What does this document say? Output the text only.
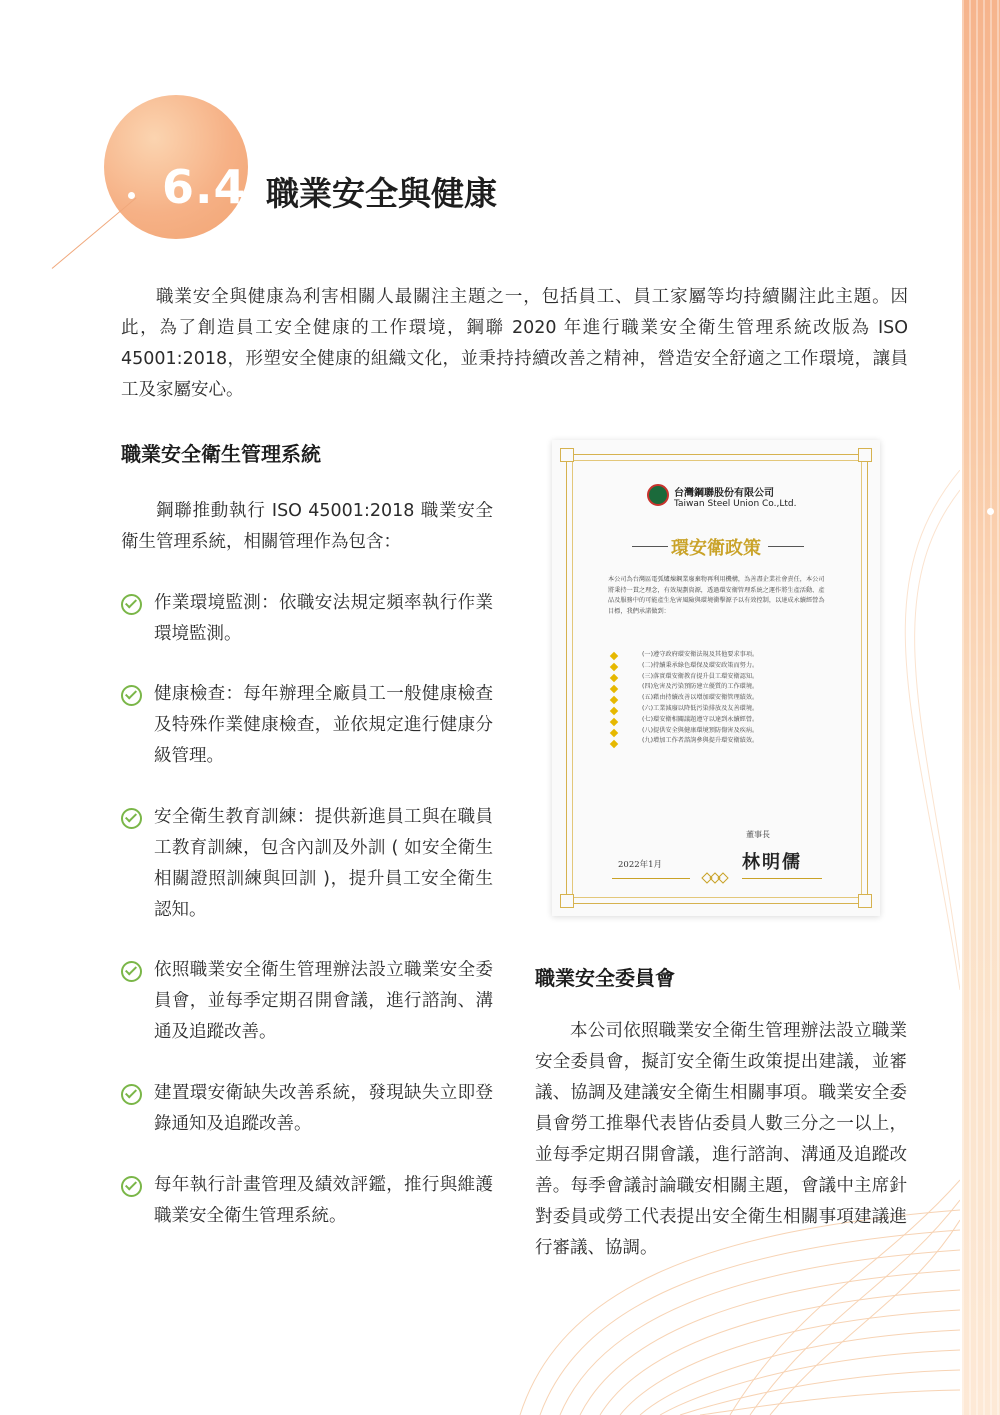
6.4 職業安全與健康
職業安全與健康為利害相關人最關注主題之一，包括員工、員工家屬等均持續關注此主題。因此，為了創造員工安全健康的工作環境，鋼聯 2020 年進行職業安全衛生管理系統改版為 ISO 45001:2018，形塑安全健康的組織文化，並秉持持續改善之精神，營造安全舒適之工作環境，讓員工及家屬安心。
職業安全衛生管理系統
鋼聯推動執行 ISO 45001:2018 職業安全衛生管理系統，相關管理作為包含：
作業環境監測：依職安法規定頻率執行作業環境監測。
健康檢查：每年辦理全廠員工一般健康檢查及特殊作業健康檢查，並依規定進行健康分級管理。
安全衛生教育訓練：提供新進員工與在職員工教育訓練，包含內訓及外訓 ( 如安全衛生相關證照訓練與回訓 )，提升員工安全衛生認知。
依照職業安全衛生管理辦法設立職業安全委員會，並每季定期召開會議，進行諮詢、溝通及追蹤改善。
建置環安衛缺失改善系統，發現缺失立即登錄通知及追蹤改善。
每年執行計畫管理及績效評鑑，推行與維護職業安全衛生管理系統。
台灣鋼聯股份有限公司
Taiwan Steel Union Co.,Ltd.
環安衛政策
本公司為台灣區電弧爐煉鋼業廢棄物再利用機構，為善盡企業社會責任，本公司將秉持一貫之理念，有效規劃資源，透過環安衛管理系統之運作將生產活動、產品及服務中的可能產生危害風險與環境衝擊源予以有效控制，以達成永續經營為目標，我們承諾做到：
(一)遵守政府環安衛法規及其他要求事項。
(二)持續秉承綠色環保及環安政策而努力。
(三)落實環安衛教育提升員工環安衛認知。
(四)危害及污染預防建立優質的工作環境。
(五)藉由持續改善以增加環安衛管理績效。
(六)工業減廢以降低污染排放及友善環境。
(七)環安衛相關議題遵守以達到永續經營。
(八)提供安全與健康環境預防傷害及疾病。
(九)增加工作者諮詢參與提升環安衛績效。
董事長
林明儒
2022年1月
職業安全委員會
本公司依照職業安全衛生管理辦法設立職業安全委員會，擬訂安全衛生政策提出建議，並審議、協調及建議安全衛生相關事項。職業安全委員會勞工推舉代表皆佔委員人數三分之一以上，並每季定期召開會議，進行諮詢、溝通及追蹤改善。每季會議討論職安相關主題，會議中主席針對委員或勞工代表提出安全衛生相關事項建議進行審議、協調。
